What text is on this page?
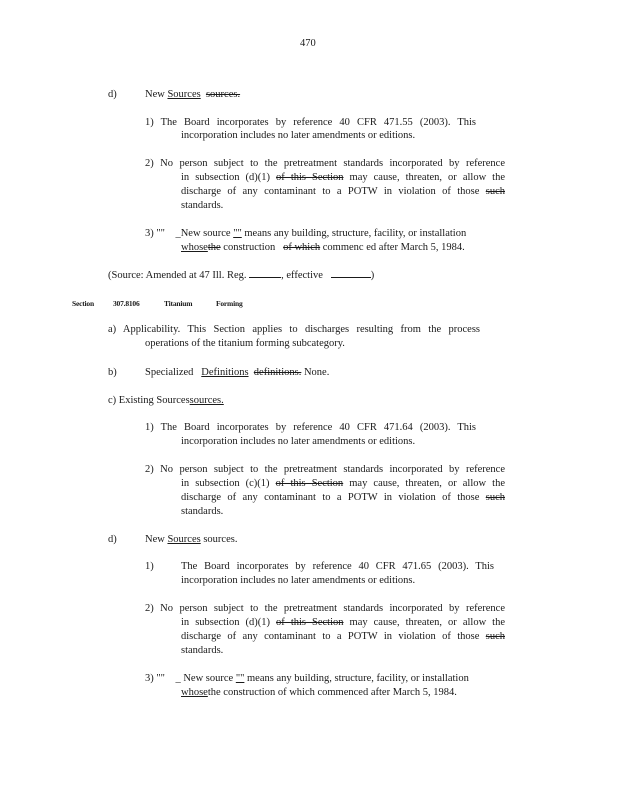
470
d)	New Sources sources.
1) The Board incorporates by reference 40 CFR 471.55 (2003). This
incorporation includes no later amendments or editions.
2) No person subject to the pretreatment standards incorporated by reference
in subsection (d)(1) of this Section may cause, threaten, or allow the
discharge of any contaminant to a POTW in violation of those such
standards.
3) ""    _New source "" means any building, structure, facility, or installation
whosethe construction   of which commenc ed after March 5, 1984.
(Source: Amended at 47 Ill. Reg.	, effective	)
Section	307.8106	Titanium	Forming
a) Applicability. This Section applies to discharges resulting from the process
operations of the titanium forming subcategory.
b)	Specialized   Definitions definitions. None.
c) Existing Sourcessources.
1) The Board incorporates by reference 40 CFR 471.64 (2003). This
incorporation includes no later amendments or editions.
2) No person subject to the pretreatment standards incorporated by reference
in subsection (c)(1) of this Section may cause, threaten, or allow the
discharge of any contaminant to a POTW in violation of those such
standards.
d)	New Sources sources.
1)	The Board incorporates by reference 40 CFR 471.65 (2003). This
incorporation includes no later amendments or editions.
2) No person subject to the pretreatment standards incorporated by reference
in subsection (d)(1) of this Section may cause, threaten, or allow the
discharge of any contaminant to a POTW in violation of those such
standards.
3) ""    _ New source "" means any building, structure, facility, or installation
whosethe construction of which commenced after March 5, 1984.
